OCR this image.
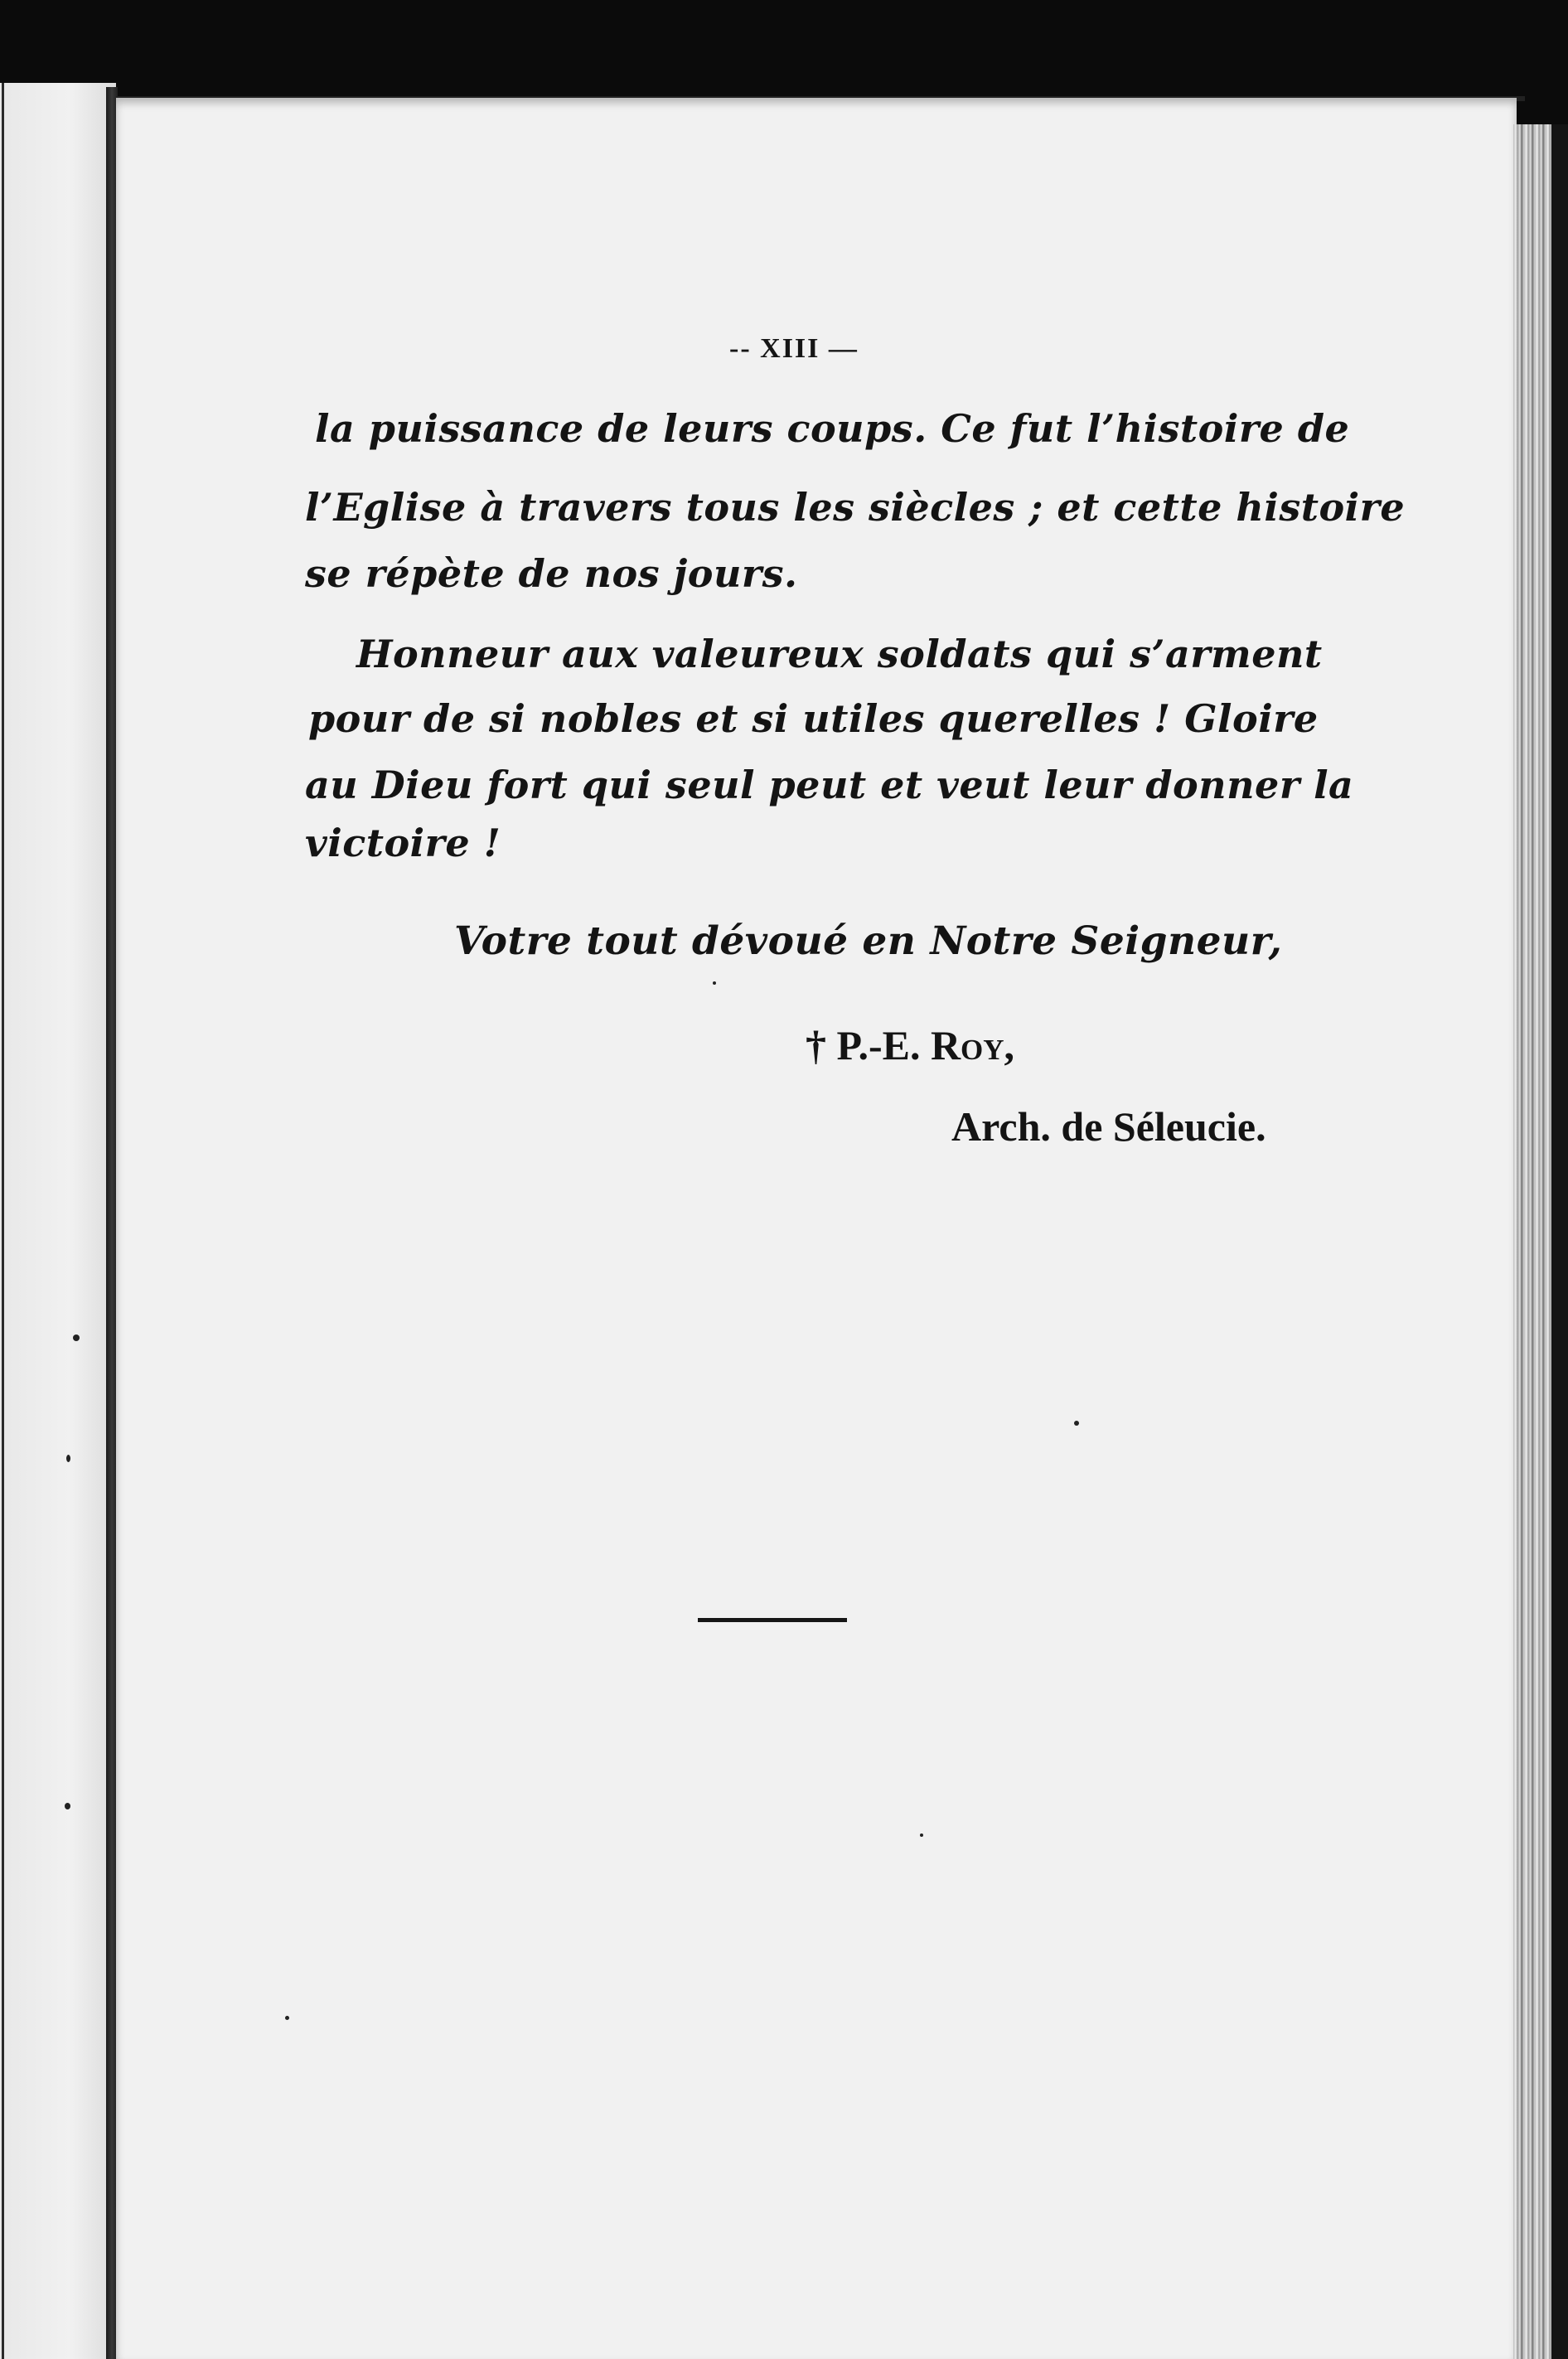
-- XIII —
la puissance de leurs coups. Ce fut l’histoire de
l’Eglise à travers tous les siècles ; et cette histoire
se répète de nos jours.
Honneur aux valeureux soldats qui s’arment
pour de si nobles et si utiles querelles ! Gloire
au Dieu fort qui seul peut et veut leur donner la
victoire !
Votre tout dévoué en Notre Seigneur,
† P.-E. Roy,
Arch. de Séleucie.
